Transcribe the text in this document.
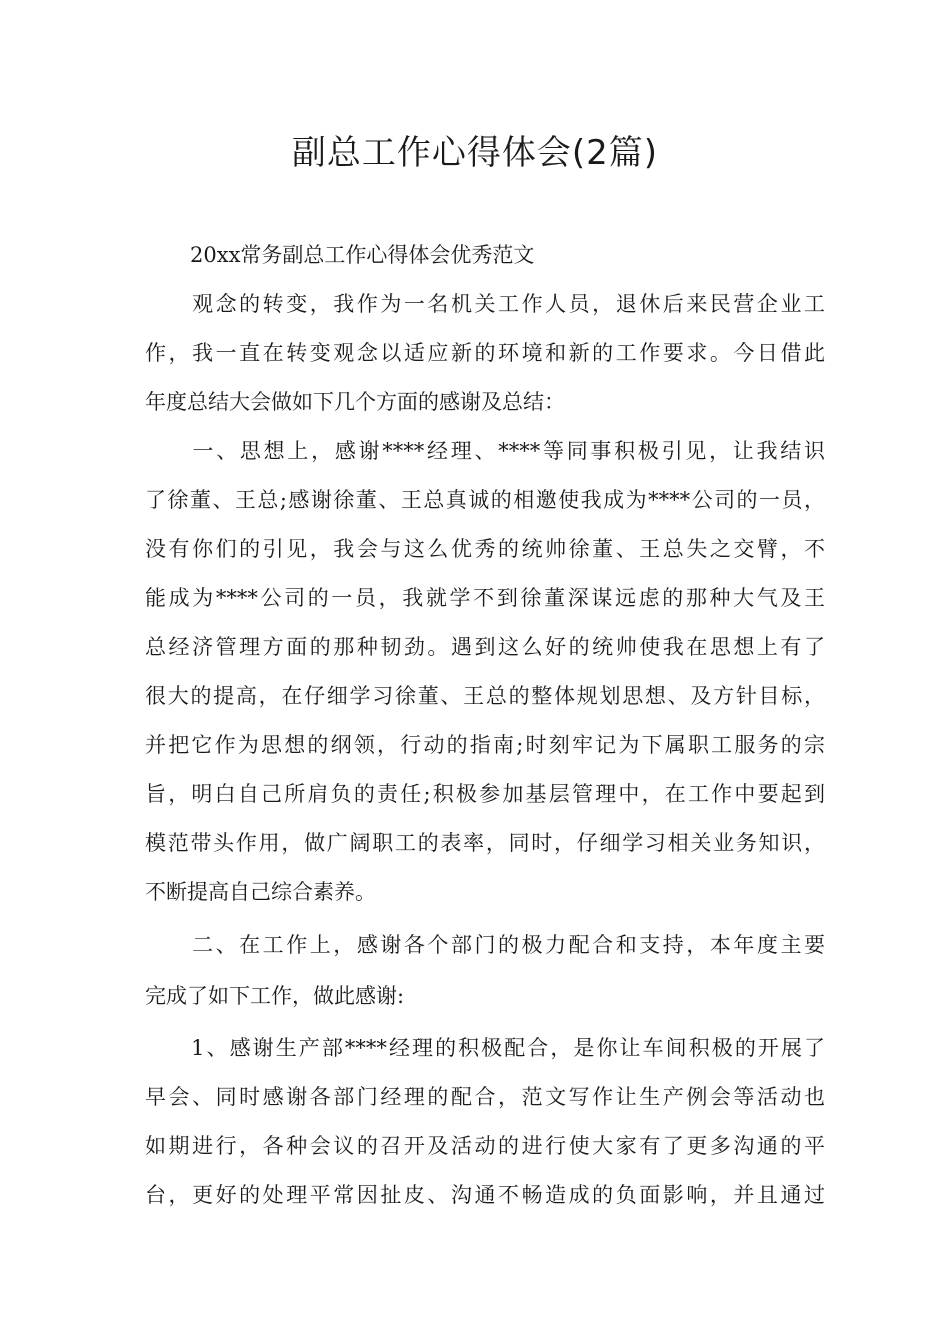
副总工作心得体会(2篇)

20xx常务副总工作心得体会优秀范文

　　观念的转变，我作为一名机关工作人员，退休后来民营企业工

作，我一直在转变观念以适应新的环境和新的工作要求。今日借此

年度总结大会做如下几个方面的感谢及总结：

　　一、思想上，感谢****经理、****等同事积极引见，让我结识

了徐董、王总;感谢徐董、王总真诚的相邀使我成为****公司的一员，

没有你们的引见，我会与这么优秀的统帅徐董、王总失之交臂，不

能成为****公司的一员，我就学不到徐董深谋远虑的那种大气及王

总经济管理方面的那种韧劲。遇到这么好的统帅使我在思想上有了

很大的提高，在仔细学习徐董、王总的整体规划思想、及方针目标，

并把它作为思想的纲领，行动的指南;时刻牢记为下属职工服务的宗

旨，明白自己所肩负的责任;积极参加基层管理中，在工作中要起到

模范带头作用，做广阔职工的表率，同时，仔细学习相关业务知识，

不断提高自己综合素养。

　　二、在工作上，感谢各个部门的极力配合和支持，本年度主要

完成了如下工作，做此感谢:

　　1、感谢生产部****经理的积极配合，是你让车间积极的开展了

早会、同时感谢各部门经理的配合，范文写作让生产例会等活动也

如期进行，各种会议的召开及活动的进行使大家有了更多沟通的平

台，更好的处理平常因扯皮、沟通不畅造成的负面影响，并且通过
